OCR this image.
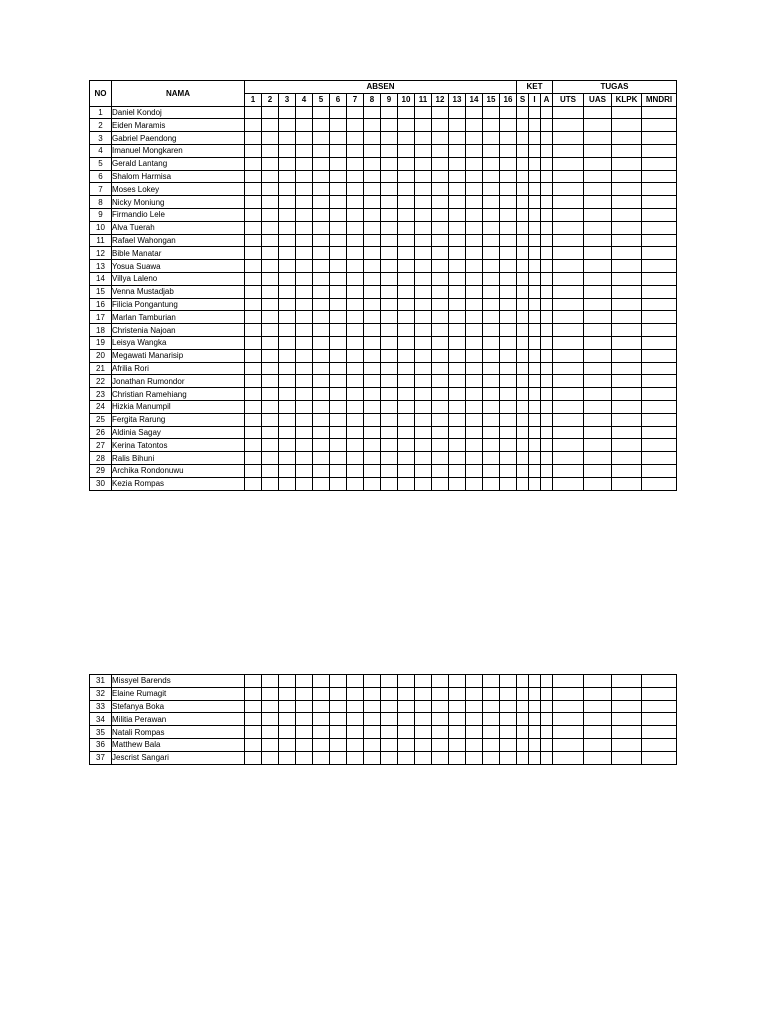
NO	NAMA	ABSEN																KET			TUGAS			
		1	2	3	4	5	6	7	8	9	10	11	12	13	14	15	16	S	I	A	UTS	UAS	KLPK	MNDRI
1	Daniel Kondoj																							
2	Eiden Maramis																							
3	Gabriel Paendong																							
4	Imanuel Mongkaren																							
5	Gerald Lantang																							
6	Shalom Harmisa																							
7	Moses Lokey																							
8	Nicky Moniung																							
9	Firmandio Lele																							
10	Alva Tuerah																							
11	Rafael Wahongan																							
12	Bible Manatar																							
13	Yosua Suawa																							
14	Villya Laleno																							
15	Venna Mustadjab																							
16	Filicia Pongantung																							
17	Marlan Tamburian																							
18	Christenia Najoan																							
19	Leisya Wangka																							
20	Megawati Manarisip																							
21	Afrilia Rori																							
22	Jonathan Rumondor																							
23	Christian Ramehiang																							
24	Hizkia Manumpil																							
25	Fergita Rarung																							
26	Aldinia Sagay																							
27	Kerina Tatontos																							
28	Ralis Bihuni																							
29	Archika Rondonuwu																							
30	Kezia Rompas																							
31	Missyel Barends																							
32	Elaine Rumagit																							
33	Stefanya Boka																							
34	Militia Perawan																							
35	Natali Rompas																							
36	Matthew Bala																							
37	Jescrist Sangari																							
